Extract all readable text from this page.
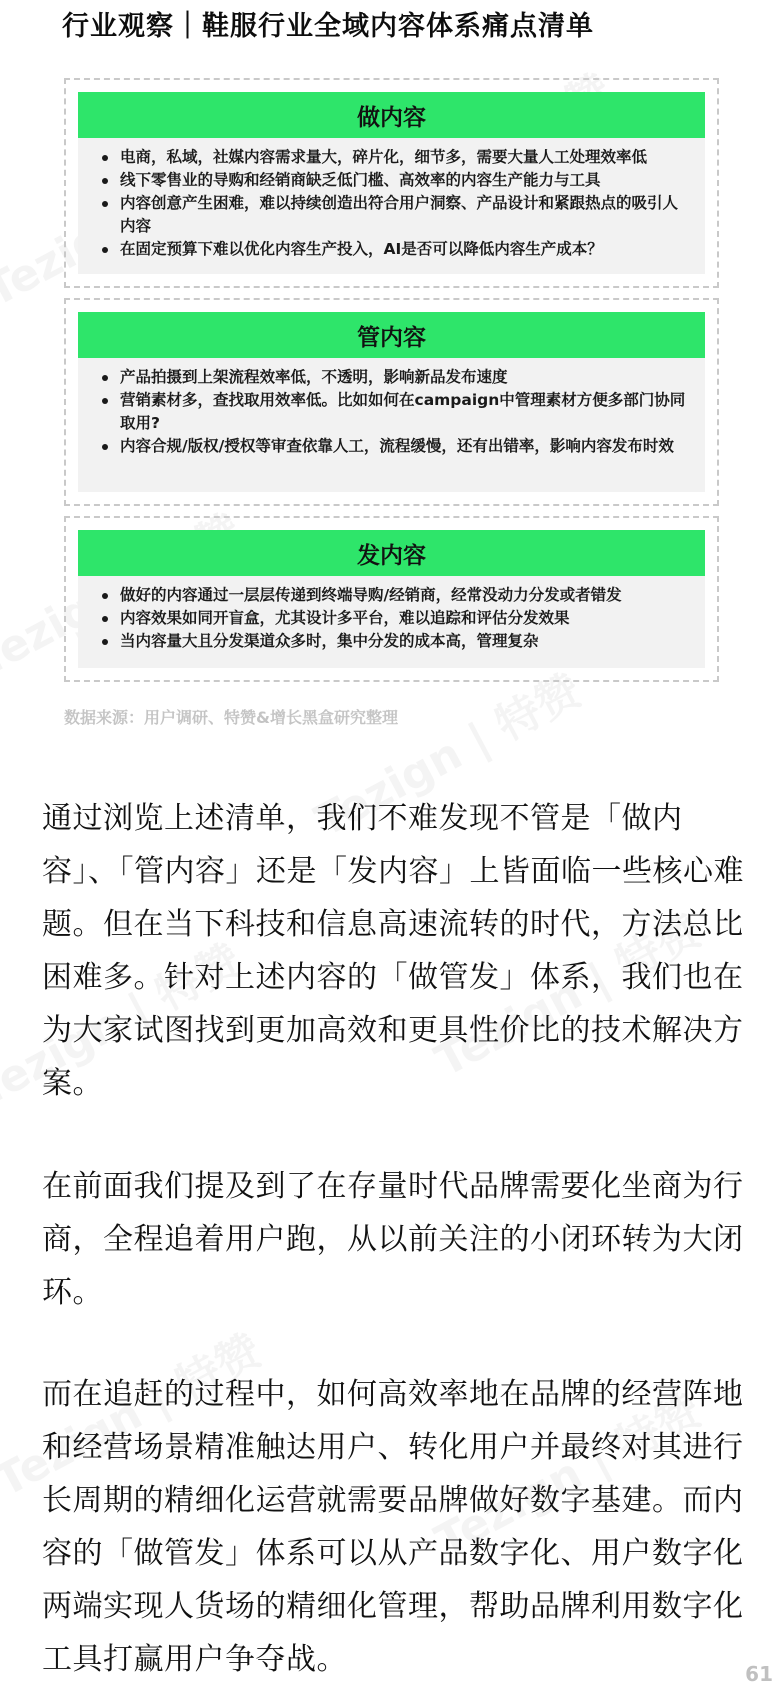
行业观察｜鞋服行业全域内容体系痛点清单
做内容
电商，私域，社媒内容需求量大，碎片化，细节多，需要大量人工处理效率低
线下零售业的导购和经销商缺乏低门槛、高效率的内容生产能力与工具
内容创意产生困难，难以持续创造出符合用户洞察、产品设计和紧跟热点的吸引人内容
在固定预算下难以优化内容生产投入，AI是否可以降低内容生产成本？
管内容
产品拍摄到上架流程效率低，不透明，影响新品发布速度
营销素材多，查找取用效率低。比如如何在campaign中管理素材方便多部门协同取用?
内容合规/版权/授权等审查依靠人工，流程缓慢，还有出错率，影响内容发布时效
发内容
做好的内容通过一层层传递到终端导购/经销商，经常没动力分发或者错发
内容效果如同开盲盒，尤其设计多平台，难以追踪和评估分发效果
当内容量大且分发渠道众多时，集中分发的成本高，管理复杂
数据来源：用户调研、特赞&增长黑盒研究整理
通过浏览上述清单，我们不难发现不管是「做内容」、「管内容」还是「发内容」上皆面临一些核心难题。但在当下科技和信息高速流转的时代，方法总比困难多。针对上述内容的「做管发」体系，我们也在为大家试图找到更加高效和更具性价比的技术解决方案。
在前面我们提及到了在存量时代品牌需要化坐商为行商，全程追着用户跑，从以前关注的小闭环转为大闭环。
而在追赶的过程中，如何高效率地在品牌的经营阵地和经营场景精准触达用户、转化用户并最终对其进行长周期的精细化运营就需要品牌做好数字基建。而内容的「做管发」体系可以从产品数字化、用户数字化两端实现人货场的精细化管理，帮助品牌利用数字化工具打赢用户争夺战。	61
